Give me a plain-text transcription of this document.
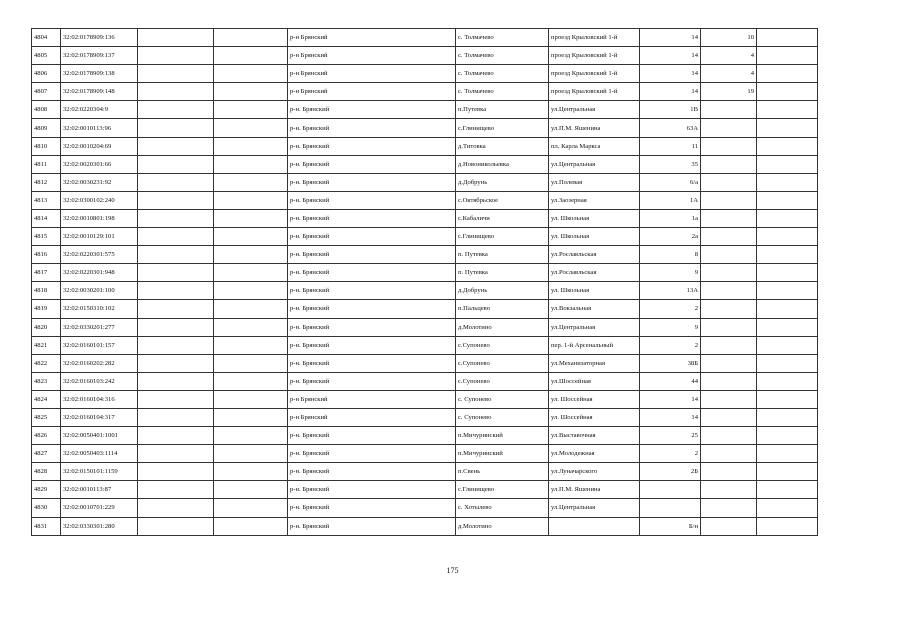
4804	32:02:0178909:136			р-н Брянский	с. Толмачево	проезд Крыловский 1-й	14	10	
4805	32:02:0178909:137			р-н Брянский	с. Толмачево	проезд Крыловский 1-й	14	4	
4806	32:02:0178909:138			р-н Брянский	с. Толмачево	проезд Крыловский 1-й	14	4	
4807	32:02:0178909:148			р-н Брянский	с. Толмачево	проезд Крыловский 1-й	14	19	
4808	32:02:0220304:9			р-н. Брянский	п.Путевка	ул.Центральная	1В		
4809	32:02:0010113:96			р-н. Брянский	с.Глинищево	ул.П.М. Яшенина	63А		
4810	32:02:0010204:69			р-н. Брянский	д.Титовка	пл. Карла Маркса	11		
4811	32:02:0020301:66			р-н. Брянский	д.Новоникольевка	ул.Центральная	35		
4812	32:02:0030231:92			р-н. Брянский	д.Добрунь	ул.Полевая	6/а		
4813	32:02:0300102:240			р-н. Брянский	с.Октябрьское	ул.Заозерная	1А		
4814	32:02:0010801:198			р-н. Брянский	с.Кабаличи	ул. Школьная	1а		
4815	32:02:0010129:101			р-н. Брянский	с.Глинищево	ул. Школьная	2а		
4816	32:02:0220301:575			р-н. Брянский	п. Путевка	ул.Рославльская	8		
4817	32:02:0220301:948			р-н. Брянский	п. Путевка	ул.Рославльская	9		
4818	32:02:0030201:100			р-н. Брянский	д.Добрунь	ул. Школьная	13А		
4819	32:02:0150310:102			р-н. Брянский	п.Пальцево	ул.Вокзальная	2		
4820	32:02:0330201:277			р-н. Брянский	д.Молотино	ул.Центральная	9		
4821	32:02:0160101:157			р-н. Брянский	с.Супонево	пер. 1-й Арсенальный	2		
4822	32:02:0160202:282			р-н. Брянский	с.Супонево	ул.Механизаторная	38Б		
4823	32:02:0160103:242			р-н. Брянский	с.Супонево	ул.Шоссейная	44		
4824	32:02:0160104:316			р-н Брянский	с. Супонево	ул. Шоссейная	14		
4825	32:02:0160104:317			р-н Брянский	с. Супонево	ул. Шоссейная	14		
4826	32:02:0050401:1001			р-н. Брянский	п.Мичуринский	ул.Выставочная	25		
4827	32:02:0050403:1114			р-н. Брянский	п.Мичуринский	ул.Молодежная	2		
4828	32:02:0150101:1159			р-н. Брянский	п.Свень	ул.Луначарского	2Б		
4829	32:02:0010113:87			р-н. Брянский	с.Глинищево	ул.П.М. Яшенина			
4830	32:02:0010701:229			р-н. Брянский	с. Хотылево	ул.Центральная			
4831	32:02:0330301:280			р-н. Брянский	д.Молотино		Б/н		
175
